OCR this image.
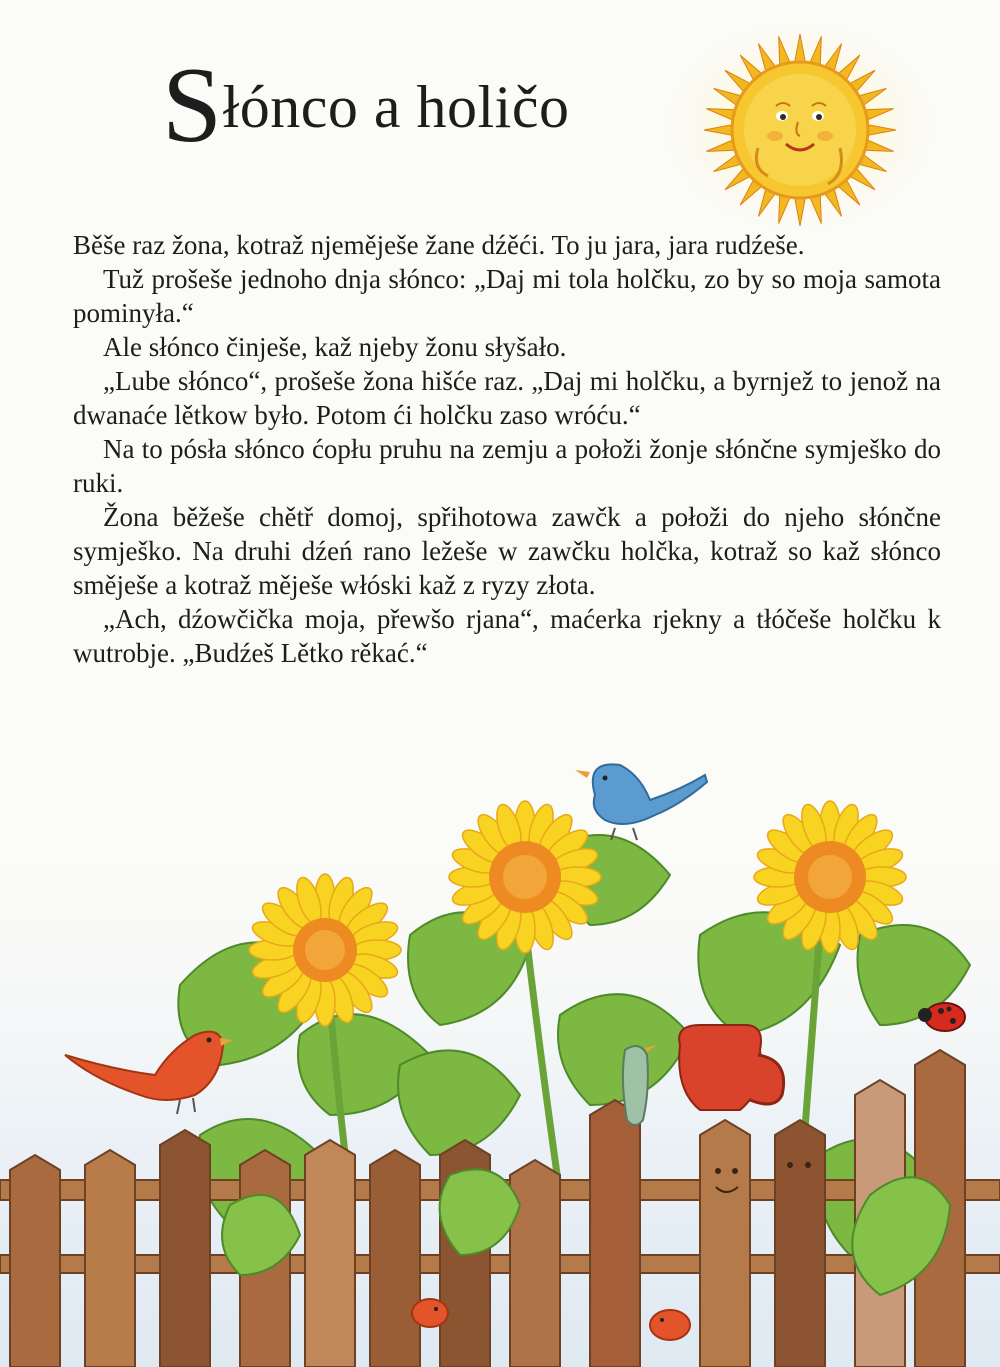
Słónco a holičo

Běše raz žona, kotraž njeměješe žane dźěći. To ju jara, jara rudźeše.

Tuž prošeše jednoho dnja słónco: „Daj mi tola holčku, zo by so moja samota pominyła.“

Ale słónco činješe, kaž njeby žonu słyšało.

„Lube słónco“, prošeše žona hišće raz. „Daj mi holčku, a byrnjež to jenož na dwanaće lětkow było. Potom ći holčku zaso wróću.“

Na to pósła słónco ćopłu pruhu na zemju a połoži žonje słónčne symješko do ruki.

Žona běžeše chětř domoj, spřihotowa zawčk a połoži do njeho słónčne symješko. Na druhi dźeń rano ležeše w zawčku holčka, kotraž so kaž słónco směješe a kotraž měješe włóski kaž z ryzy złota.

„Ach, dźowčička moja, přewšo rjana“, maćerka rjekny a tłóčeše holčku k wutrobje. „Budźeš Lětko rěkać.“
